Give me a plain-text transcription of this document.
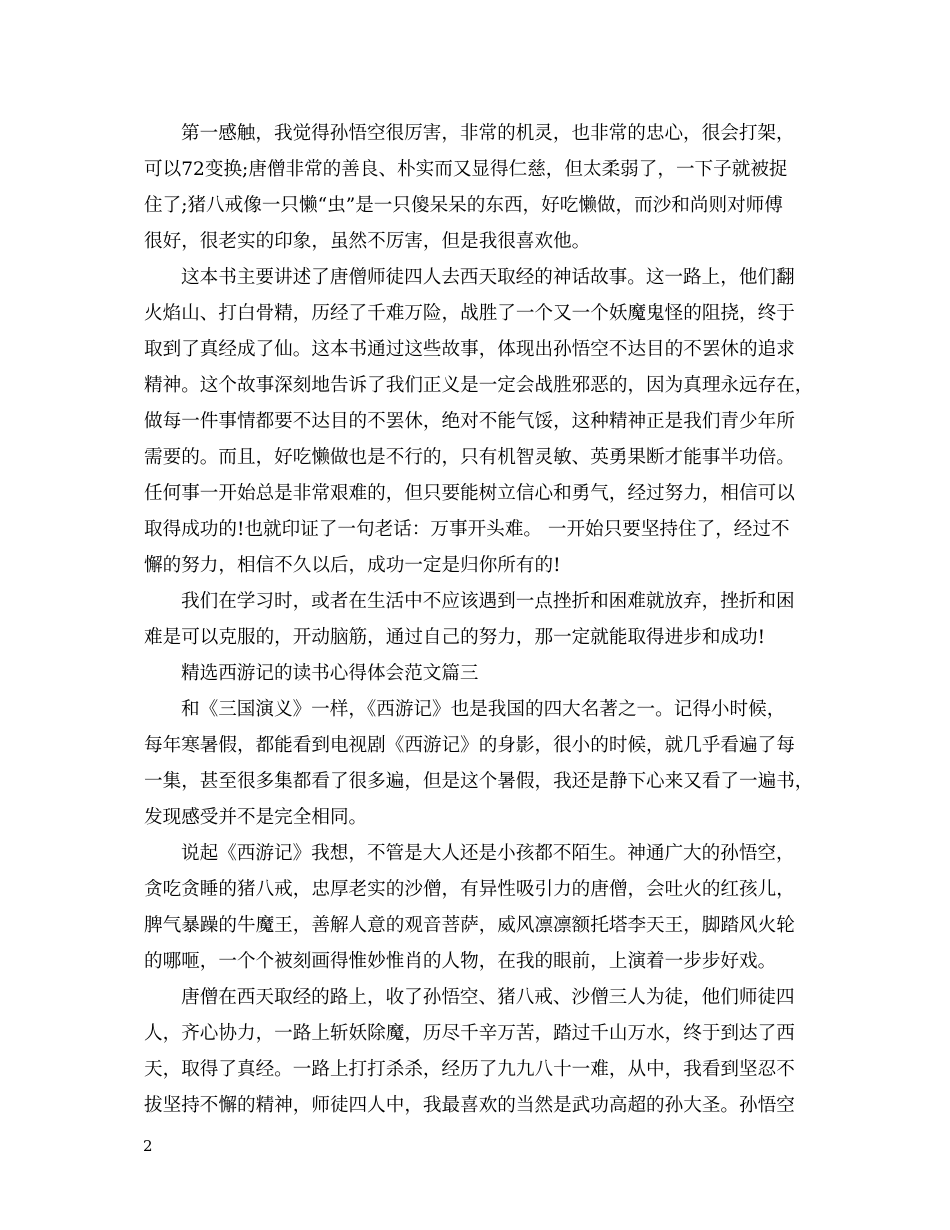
第一感触，我觉得孙悟空很厉害，非常的机灵，也非常的忠心，很会打架，
可以72变换;唐僧非常的善良、朴实而又显得仁慈，但太柔弱了，一下子就被捉
住了;猪八戒像一只懒“虫”是一只傻呆呆的东西，好吃懒做，而沙和尚则对师傅
很好，很老实的印象，虽然不厉害，但是我很喜欢他。
这本书主要讲述了唐僧师徒四人去西天取经的神话故事。这一路上，他们翻
火焰山、打白骨精，历经了千难万险，战胜了一个又一个妖魔鬼怪的阻挠，终于
取到了真经成了仙。这本书通过这些故事，体现出孙悟空不达目的不罢休的追求
精神。这个故事深刻地告诉了我们正义是一定会战胜邪恶的，因为真理永远存在，
做每一件事情都要不达目的不罢休，绝对不能气馁，这种精神正是我们青少年所
需要的。而且，好吃懒做也是不行的，只有机智灵敏、英勇果断才能事半功倍。
任何事一开始总是非常艰难的，但只要能树立信心和勇气，经过努力，相信可以
取得成功的!也就印证了一句老话：万事开头难。 一开始只要坚持住了，经过不
懈的努力，相信不久以后，成功一定是归你所有的!
我们在学习时，或者在生活中不应该遇到一点挫折和困难就放弃，挫折和困
难是可以克服的，开动脑筋，通过自己的努力，那一定就能取得进步和成功!
精选西游记的读书心得体会范文篇三
和《三国演义》一样，《西游记》也是我国的四大名著之一。记得小时候，
每年寒暑假，都能看到电视剧《西游记》的身影，很小的时候，就几乎看遍了每
一集，甚至很多集都看了很多遍，但是这个暑假，我还是静下心来又看了一遍书，
发现感受并不是完全相同。
说起《西游记》我想，不管是大人还是小孩都不陌生。神通广大的孙悟空，
贪吃贪睡的猪八戒，忠厚老实的沙僧，有异性吸引力的唐僧，会吐火的红孩儿，
脾气暴躁的牛魔王，善解人意的观音菩萨，威风凛凛额托塔李天王，脚踏风火轮
的哪咂，一个个被刻画得惟妙惟肖的人物，在我的眼前，上演着一步步好戏。
唐僧在西天取经的路上，收了孙悟空、猪八戒、沙僧三人为徒，他们师徒四
人，齐心协力，一路上斩妖除魔，历尽千辛万苦，踏过千山万水，终于到达了西
天，取得了真经。一路上打打杀杀，经历了九九八十一难，从中，我看到坚忍不
拔坚持不懈的精神，师徒四人中，我最喜欢的当然是武功高超的孙大圣。孙悟空
2
